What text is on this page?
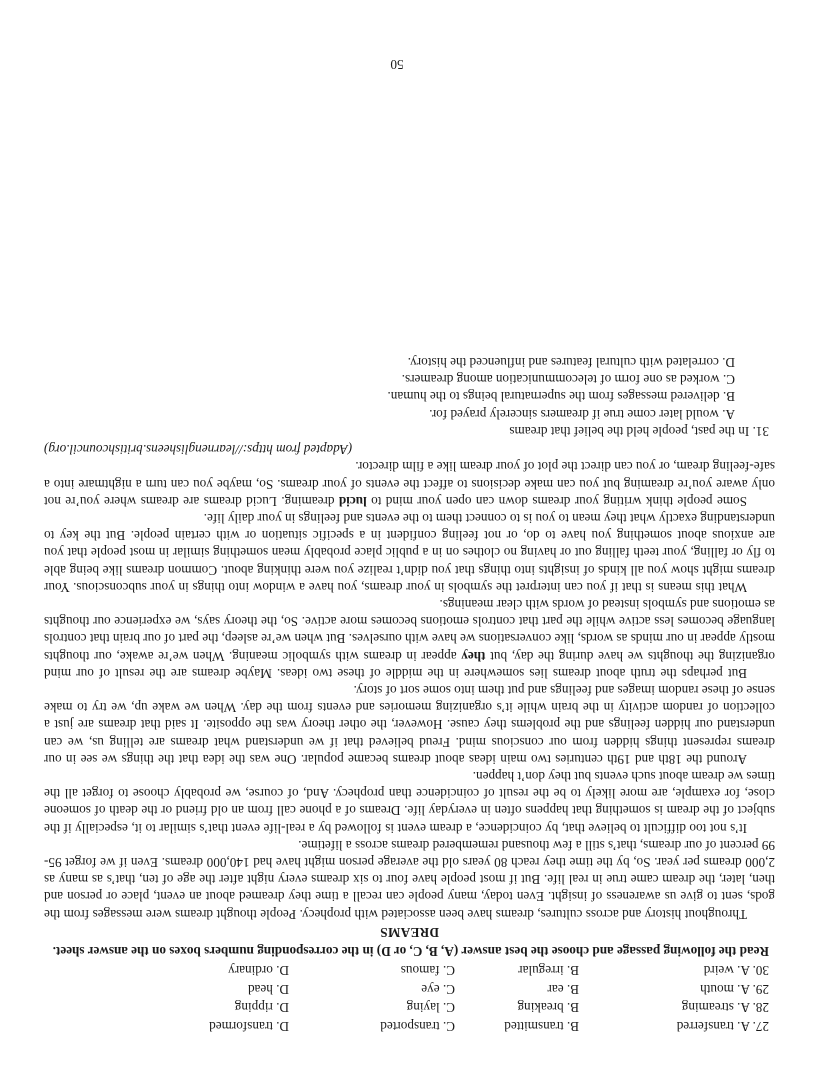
27. A. transferred
B. transmitted
C. transported
D. transformed
28. A. streaming
B. breaking
C. laying
D. ripping
29. A. mouth
B. ear
C. eye
D. head
30. A. weird
B. irregular
C. famous
D. ordinary
Read the following passage and choose the best answer (A, B, C, or D) in the corresponding numbers boxes on the answer sheet.
DREAMS

Throughout history and across cultures, dreams have been associated with prophecy. People thought dreams were messages from the gods, sent to give us awareness of insight. Even today, many people can recall a time they dreamed about an event, place or person and then, later, the dream came true in real life. But if most people have four to six dreams every night after the age of ten, that’s as many as 2,000 dreams per year. So, by the time they reach 80 years old the average person might have had 140,000 dreams. Even if we forget 95-99 percent of our dreams, that’s still a few thousand remembered dreams across a lifetime.

It’s not too difficult to believe that, by coincidence, a dream event is followed by a real-life event that’s similar to it, especially if the subject of the dream is something that happens often in everyday life. Dreams of a phone call from an old friend or the death of someone close, for example, are more likely to be the result of coincidence than prophecy. And, of course, we probably choose to forget all the times we dream about such events but they don’t happen.

Around the 18th and 19th centuries two main ideas about dreams became popular. One was the idea that the things we see in our dreams represent things hidden from our conscious mind. Freud believed that if we understand what dreams are telling us, we can understand our hidden feelings and the problems they cause. However, the other theory was the opposite. It said that dreams are just a collection of random activity in the brain while it’s organizing memories and events from the day. When we wake up, we try to make sense of these random images and feelings and put them into some sort of story.

But perhaps the truth about dreams lies somewhere in the middle of these two ideas. Maybe dreams are the result of our mind organizing the thoughts we have during the day, but they appear in dreams with symbolic meaning. When we’re awake, our thoughts mostly appear in our minds as words, like conversations we have with ourselves. But when we’re asleep, the part of our brain that controls language becomes less active while the part that controls emotions becomes more active. So, the theory says, we experience our thoughts as emotions and symbols instead of words with clear meanings.

What this means is that if you can interpret the symbols in your dreams, you have a window into things in your subconscious. Your dreams might show you all kinds of insights into things that you didn’t realize you were thinking about. Common dreams like being able to fly or falling, your teeth falling out or having no clothes on in a public place probably mean something similar in most people that you are anxious about something you have to do, or not feeling confident in a specific situation or with certain people. But the key to understanding exactly what they mean to you is to connect them to the events and feelings in your daily life.

Some people think writing your dreams down can open your mind to lucid dreaming. Lucid dreams are dreams where you’re not only aware you’re dreaming but you can make decisions to affect the events of your dreams. So, maybe you can turn a nightmare into a safe-feeling dream, or you can direct the plot of your dream like a film director.

(Adapted from https://learnenglisheens.britishcouncil.org)
31. In the past, people held the belief that dreams
A. would later come true if dreamers sincerely prayed for.
B. delivered messages from the supernatural beings to the human.
C. worked as one form of telecommunication among dreamers.
D. correlated with cultural features and influenced the history.
50
